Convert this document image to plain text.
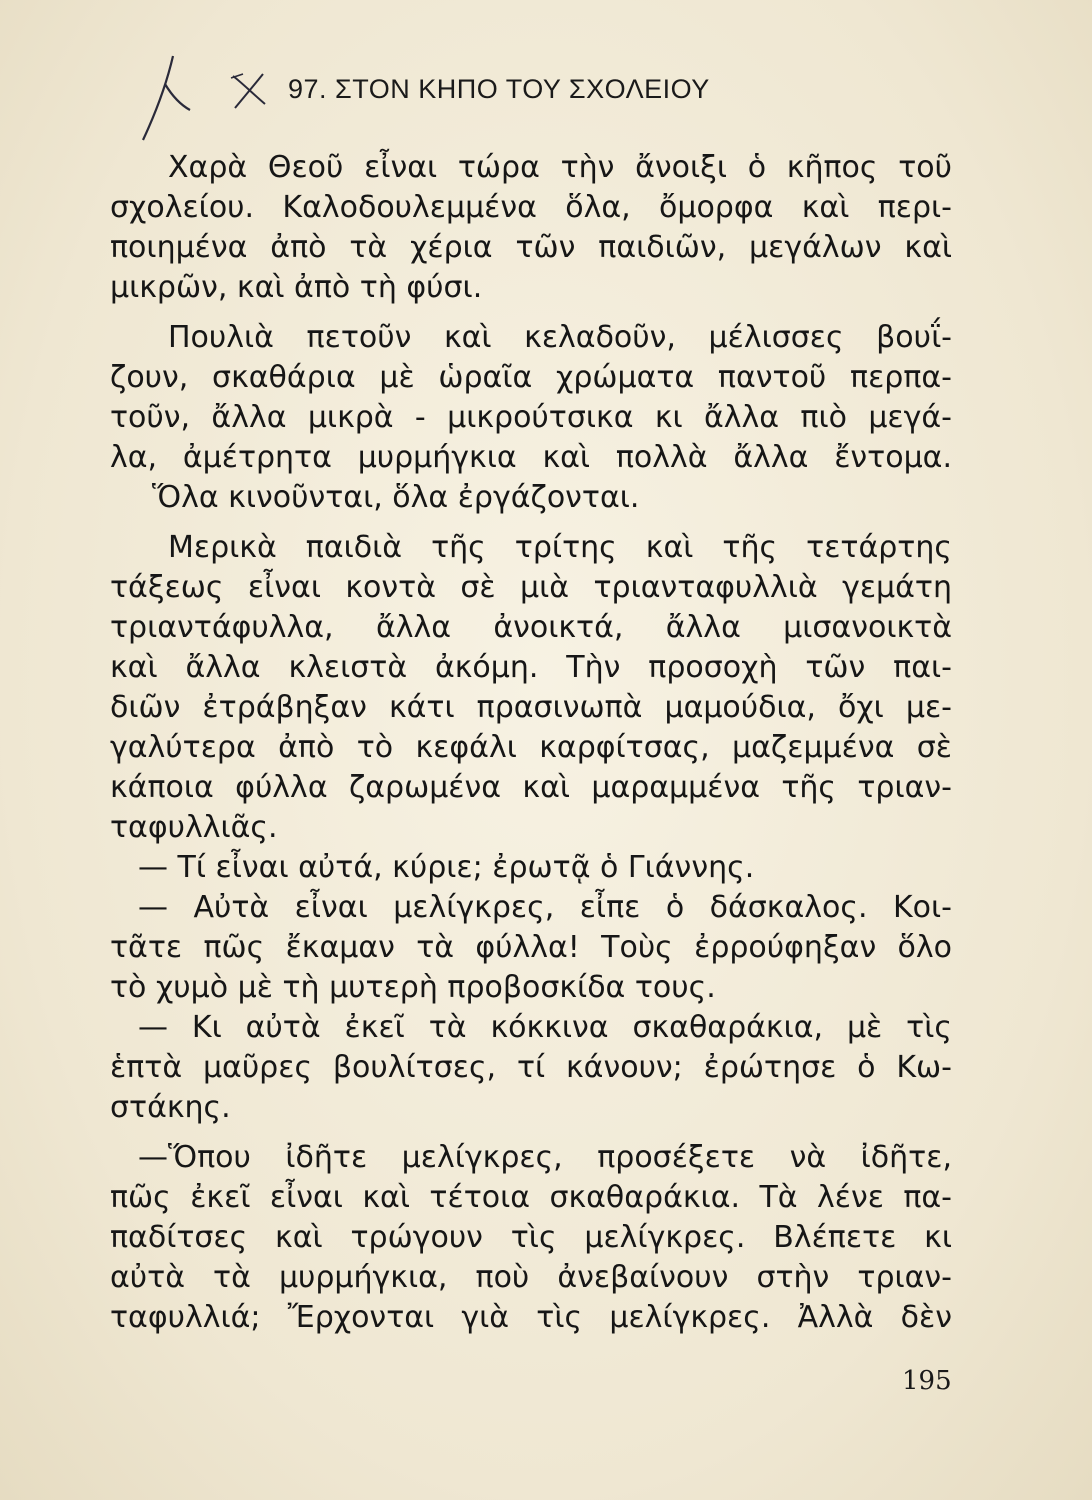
97. ΣΤΟΝ ΚΗΠΟ ΤΟΥ ΣΧΟΛΕΙΟΥ
Χαρὰ Θεοῦ εἶναι τώρα τὴν ἄνοιξι ὁ κῆπος τοῦ
σχολείου. Καλοδουλεμμένα ὅλα, ὄμορφα καὶ περι-
ποιημένα ἀπὸ τὰ χέρια τῶν παιδιῶν, μεγάλων καὶ
μικρῶν, καὶ ἀπὸ τὴ φύσι.
Πουλιὰ πετοῦν καὶ κελαδοῦν, μέλισσες βουΐ-
ζουν, σκαθάρια μὲ ὡραῖα χρώματα παντοῦ περπα-
τοῦν, ἄλλα μικρὰ - μικρούτσικα κι ἄλλα πιὸ μεγά-
λα, ἀμέτρητα μυρμήγκια καὶ πολλὰ ἄλλα ἔντομα.
Ὅλα κινοῦνται, ὅλα ἐργάζονται.
Μερικὰ παιδιὰ τῆς τρίτης καὶ τῆς τετάρτης
τάξεως εἶναι κοντὰ σὲ μιὰ τριανταφυλλιὰ γεμάτη
τριαντάφυλλα, ἄλλα ἀνοικτά, ἄλλα μισανοικτὰ
καὶ ἄλλα κλειστὰ ἀκόμη. Τὴν προσοχὴ τῶν παι-
διῶν ἐτράβηξαν κάτι πρασινωπὰ μαμούδια, ὄχι με-
γαλύτερα ἀπὸ τὸ κεφάλι καρφίτσας, μαζεμμένα σὲ
κάποια φύλλα ζαρωμένα καὶ μαραμμένα τῆς τριαν-
ταφυλλιᾶς.
— Τί εἶναι αὐτά, κύριε; ἐρωτᾷ ὁ Γιάννης.
— Αὐτὰ εἶναι μελίγκρες, εἶπε ὁ δάσκαλος. Κοι-
τᾶτε πῶς ἔκαμαν τὰ φύλλα! Τοὺς ἐρρούφηξαν ὅλο
τὸ χυμὸ μὲ τὴ μυτερὴ προβοσκίδα τους.
— Κι αὐτὰ ἐκεῖ τὰ κόκκινα σκαθαράκια, μὲ τὶς
ἑπτὰ μαῦρες βουλίτσες, τί κάνουν; ἐρώτησε ὁ Κω-
στάκης.
—Ὅπου ἰδῆτε μελίγκρες, προσέξετε νὰ ἰδῆτε,
πῶς ἐκεῖ εἶναι καὶ τέτοια σκαθαράκια. Τὰ λένε πα-
παδίτσες καὶ τρώγουν τὶς μελίγκρες. Βλέπετε κι
αὐτὰ τὰ μυρμήγκια, ποὺ ἀνεβαίνουν στὴν τριαν-
ταφυλλιά; Ἔρχονται γιὰ τὶς μελίγκρες. Ἀλλὰ δὲν
195
